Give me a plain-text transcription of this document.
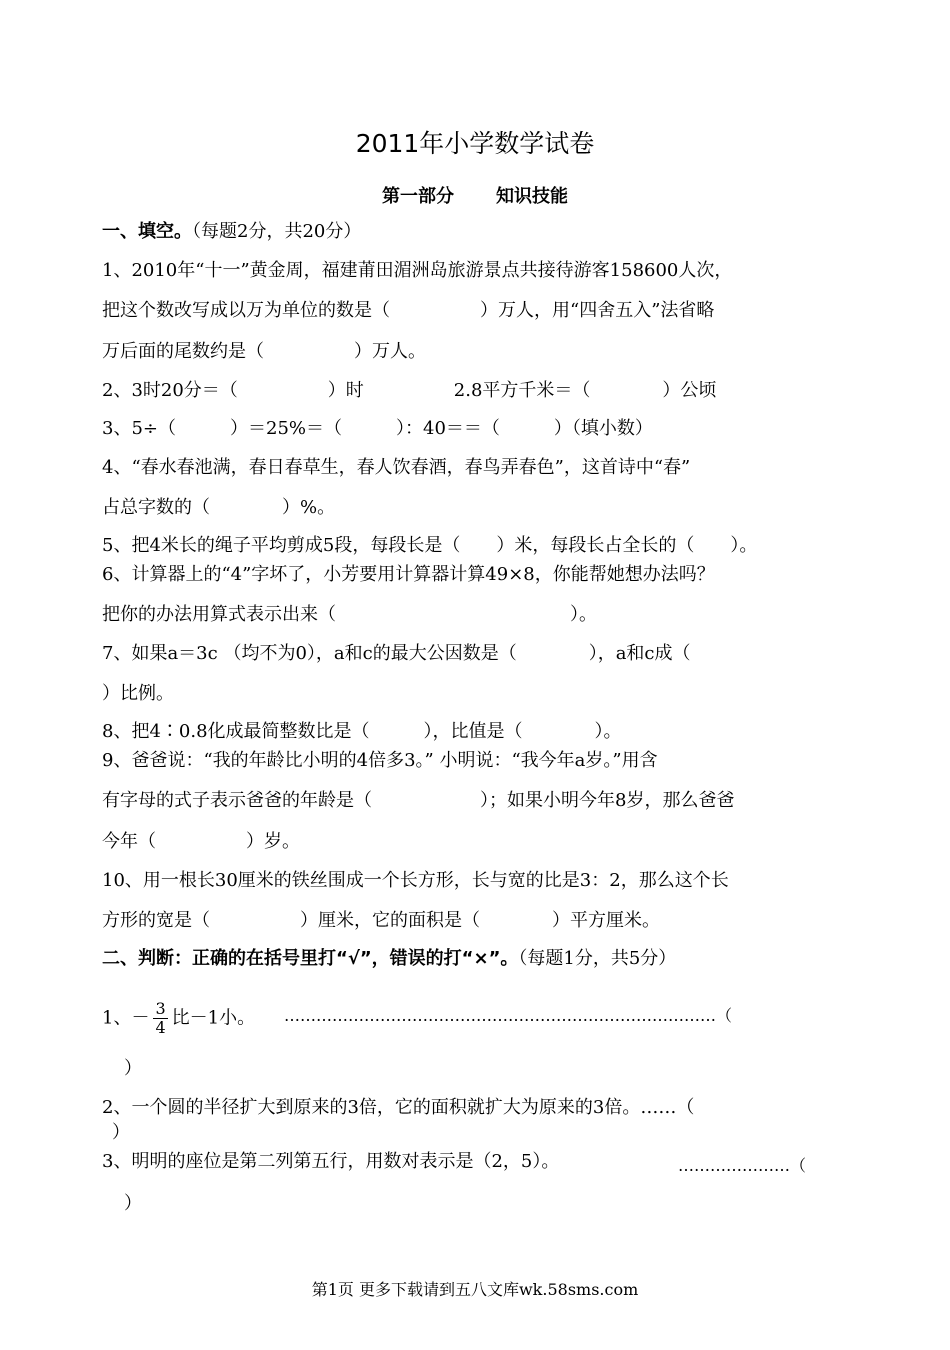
2011年小学数学试卷
第一部分 知识技能
一、填空。（每题2分，共20分）
1、2010年“十一”黄金周，福建莆田湄洲岛旅游景点共接待游客158600人次，
把这个数改写成以万为单位的数是（　　　　　）万人，用“四舍五入”法省略
万后面的尾数约是（　　　　　）万人。
2、3时20分＝（　　　　　）时　　　　　2.8平方千米＝（　　　　）公顷
3、5÷（　　　）＝25%＝（　　　）：40＝＝（　　　）（填小数）
4、“春水春池满，春日春草生，春人饮春酒，春鸟弄春色”，这首诗中“春”
占总字数的（　　　　）%。
5、把4米长的绳子平均剪成5段，每段长是（　　）米，每段长占全长的（　　）。
6、计算器上的“4”字坏了，小芳要用计算器计算49×8，你能帮她想办法吗？
把你的办法用算式表示出来（　　　　　　　　　　　　　）。
7、如果a＝3c （均不为0），a和c的最大公因数是（　　　　），a和c成（
）比例。
8、把4∶0.8化成最简整数比是（　　　），比值是（　　　　）。
9、爸爸说：“我的年龄比小明的4倍多3。” 小明说：“我今年a岁。”用含
有字母的式子表示爸爸的年龄是（　　　　　　）；如果小明今年8岁，那么爸爸
今年（　　　　　）岁。
10、用一根长30厘米的铁丝围成一个长方形，长与宽的比是3：2，那么这个长
方形的宽是（　　　　　）厘米，它的面积是（　　　　）平方厘米。
二、判断：正确的在括号里打“√”，错误的打“×”。（每题1分，共5分）
1、－ $\frac{3}{4}$ 比－1小。 ………………………………………………………………………（
）
2、一个圆的半径扩大到原来的3倍，它的面积就扩大为原来的3倍。……（
）
3、明明的座位是第二列第五行，用数对表示是（2，5）。	…………………（
）
第1页 更多下载请到五八文库wk.58sms.com
